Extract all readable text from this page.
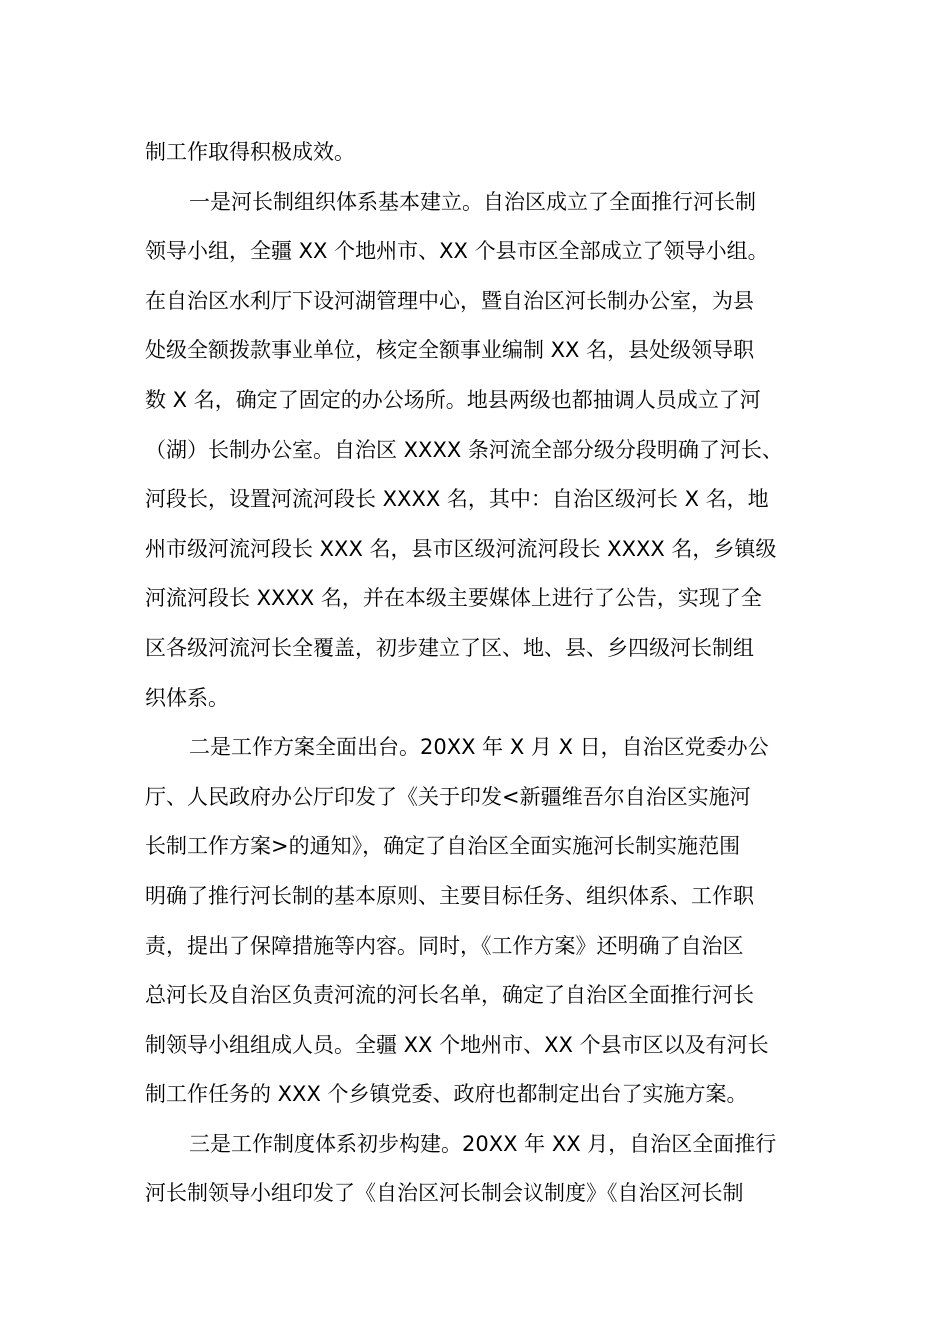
制工作取得积极成效。
一是河长制组织体系基本建立。自治区成立了全面推行河长制
领导小组，全疆 XX 个地州市、XX 个县市区全部成立了领导小组。
在自治区水利厅下设河湖管理中心，暨自治区河长制办公室，为县
处级全额拨款事业单位，核定全额事业编制 XX 名，县处级领导职
数 X 名，确定了固定的办公场所。地县两级也都抽调人员成立了河
（湖）长制办公室。自治区 XXXX 条河流全部分级分段明确了河长、
河段长，设置河流河段长 XXXX 名，其中：自治区级河长 X 名，地
州市级河流河段长 XXX 名，县市区级河流河段长 XXXX 名，乡镇级
河流河段长 XXXX 名，并在本级主要媒体上进行了公告，实现了全
区各级河流河长全覆盖，初步建立了区、地、县、乡四级河长制组
织体系。
二是工作方案全面出台。20XX 年 X 月 X 日，自治区党委办公
厅、人民政府办公厅印发了《关于印发<新疆维吾尔自治区实施河
长制工作方案>的通知》，确定了自治区全面实施河长制实施范围
明确了推行河长制的基本原则、主要目标任务、组织体系、工作职
责，提出了保障措施等内容。同时，《工作方案》还明确了自治区
总河长及自治区负责河流的河长名单，确定了自治区全面推行河长
制领导小组组成人员。全疆 XX 个地州市、XX 个县市区以及有河长
制工作任务的 XXX 个乡镇党委、政府也都制定出台了实施方案。
三是工作制度体系初步构建。20XX 年 XX 月，自治区全面推行
河长制领导小组印发了《自治区河长制会议制度》《自治区河长制
